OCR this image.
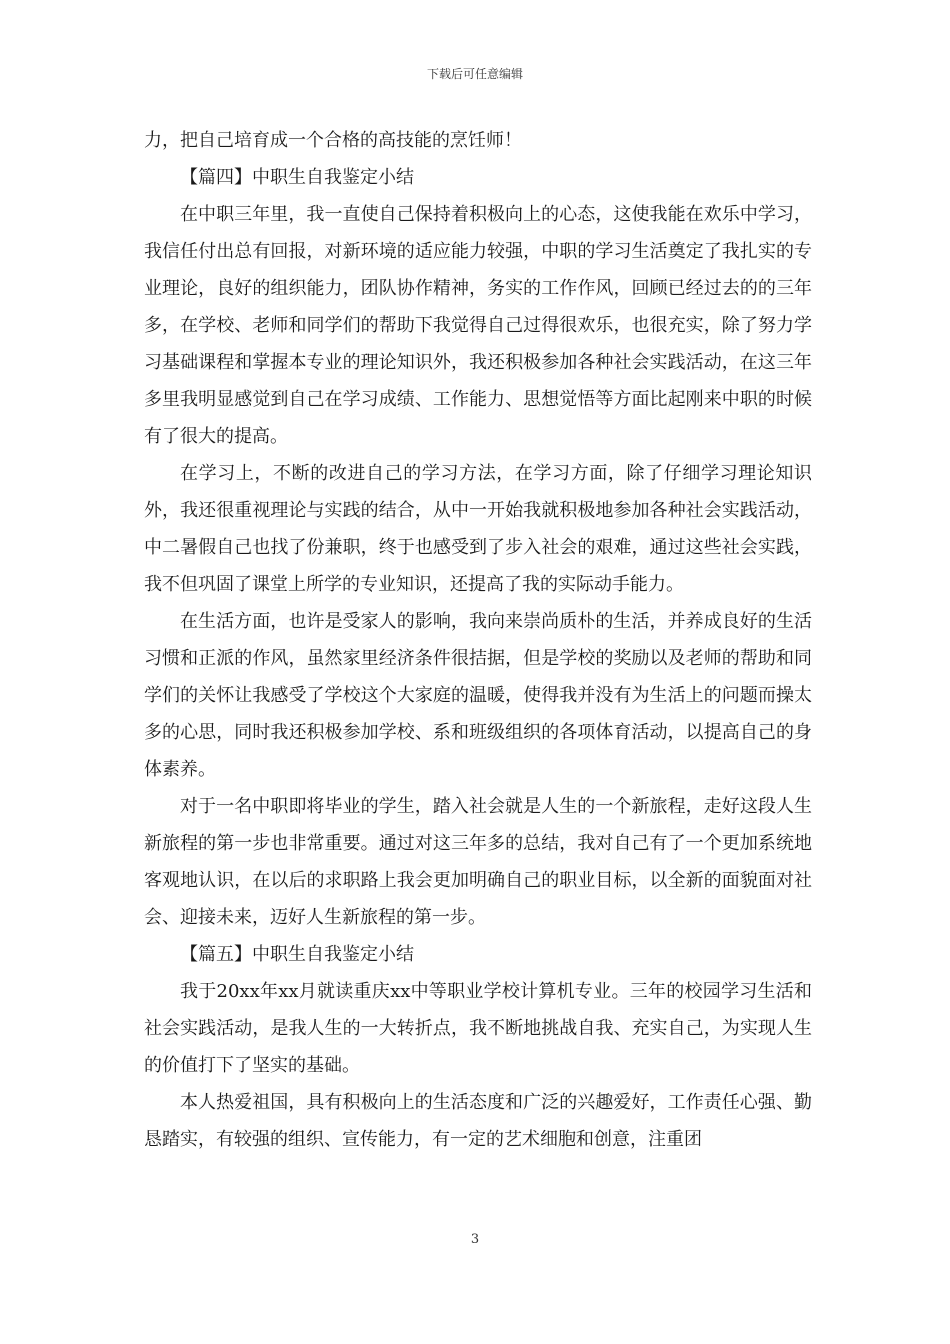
下载后可任意编辑

力，把自己培育成一个合格的高技能的烹饪师！

【篇四】中职生自我鉴定小结

在中职三年里，我一直使自己保持着积极向上的心态，这使我能在欢乐中学习，我信任付出总有回报，对新环境的适应能力较强，中职的学习生活奠定了我扎实的专业理论，良好的组织能力，团队协作精神，务实的工作作风，回顾已经过去的的三年多，在学校、老师和同学们的帮助下我觉得自己过得很欢乐，也很充实，除了努力学习基础课程和掌握本专业的理论知识外，我还积极参加各种社会实践活动，在这三年多里我明显感觉到自己在学习成绩、工作能力、思想觉悟等方面比起刚来中职的时候有了很大的提高。

在学习上，不断的改进自己的学习方法，在学习方面，除了仔细学习理论知识外，我还很重视理论与实践的结合，从中一开始我就积极地参加各种社会实践活动，中二暑假自己也找了份兼职，终于也感受到了步入社会的艰难，通过这些社会实践，我不但巩固了课堂上所学的专业知识，还提高了我的实际动手能力。

在生活方面，也许是受家人的影响，我向来崇尚质朴的生活，并养成良好的生活习惯和正派的作风，虽然家里经济条件很拮据，但是学校的奖励以及老师的帮助和同学们的关怀让我感受了学校这个大家庭的温暖，使得我并没有为生活上的问题而操太多的心思，同时我还积极参加学校、系和班级组织的各项体育活动，以提高自己的身体素养。

对于一名中职即将毕业的学生，踏入社会就是人生的一个新旅程，走好这段人生新旅程的第一步也非常重要。通过对这三年多的总结，我对自己有了一个更加系统地客观地认识，在以后的求职路上我会更加明确自己的职业目标，以全新的面貌面对社会、迎接未来，迈好人生新旅程的第一步。

【篇五】中职生自我鉴定小结

我于20xx年xx月就读重庆xx中等职业学校计算机专业。三年的校园学习生活和社会实践活动，是我人生的一大转折点，我不断地挑战自我、充实自己，为实现人生的价值打下了坚实的基础。

本人热爱祖国，具有积极向上的生活态度和广泛的兴趣爱好，工作责任心强、勤恳踏实，有较强的组织、宣传能力，有一定的艺术细胞和创意，注重团

3
